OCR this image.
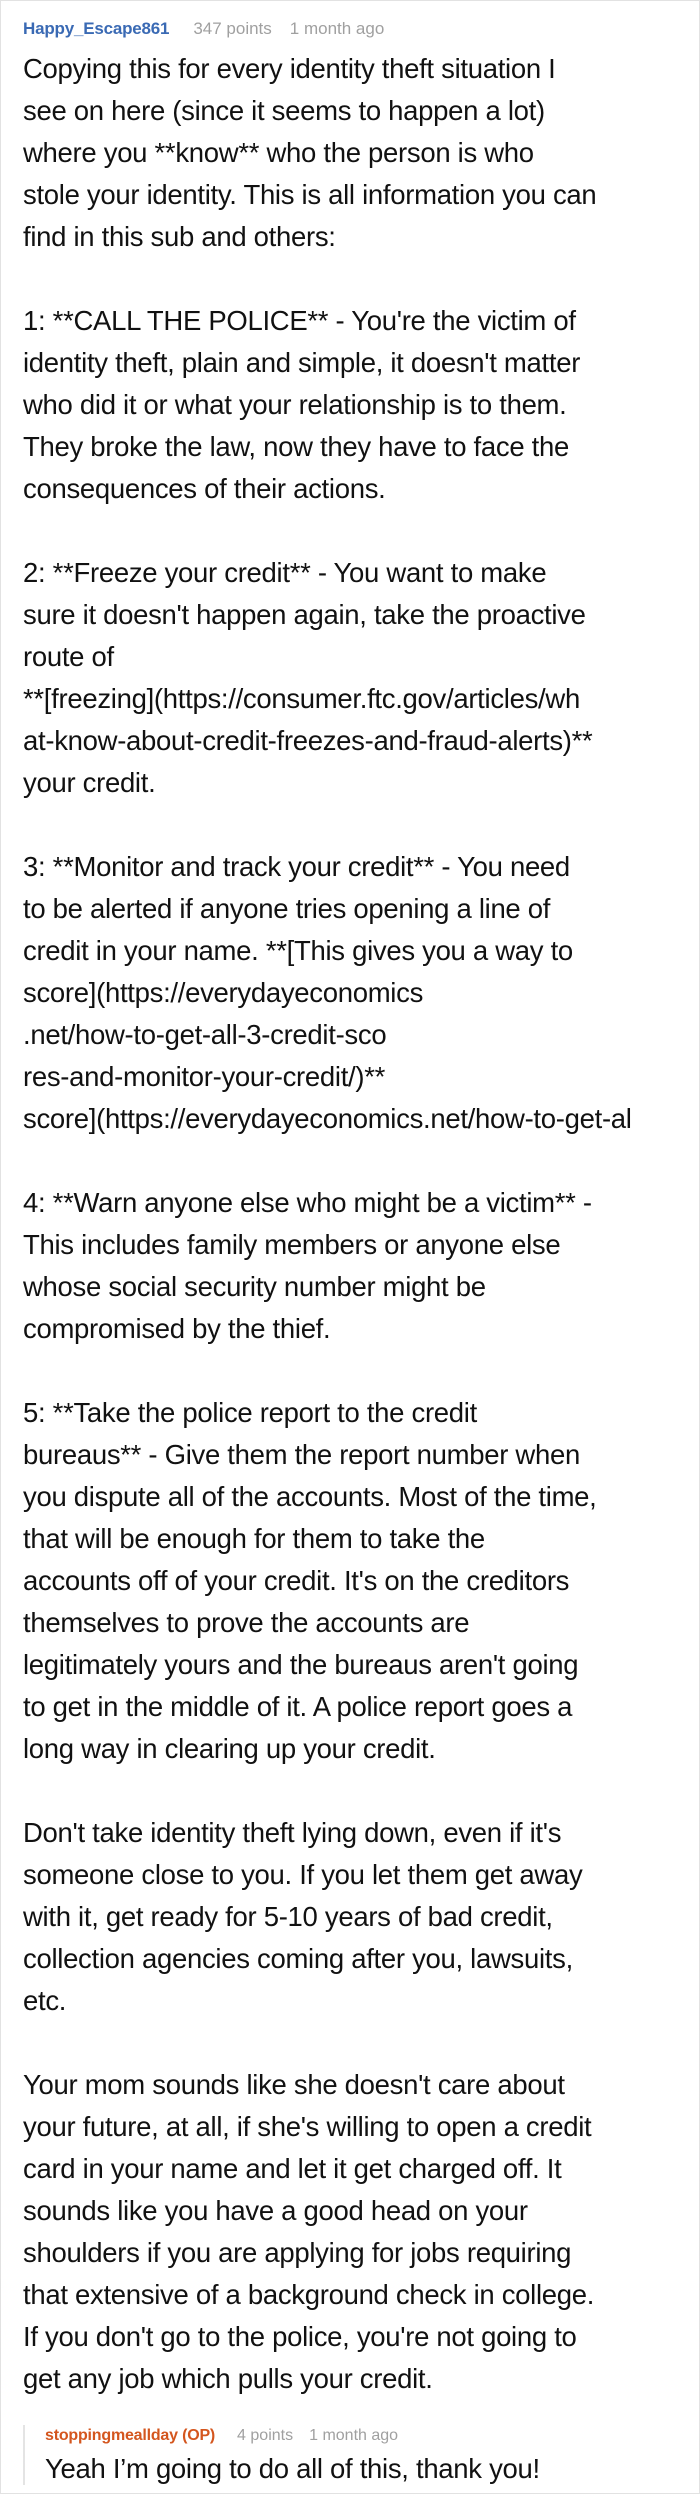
Happy_Escape861 347 points 1 month ago
Copying this for every identity theft situation I
see on here (since it seems to happen a lot)
where you **know** who the person is who
stole your identity. This is all information you can
find in this sub and others:
1: **CALL THE POLICE** - You're the victim of
identity theft, plain and simple, it doesn't matter
who did it or what your relationship is to them.
They broke the law, now they have to face the
consequences of their actions.
2: **Freeze your credit** - You want to make
sure it doesn't happen again, take the proactive
route of
**[freezing](https://consumer.ftc.gov/articles/wh
at-know-about-credit-freezes-and-fraud-alerts)**
your credit.
3: **Monitor and track your credit** - You need
to be alerted if anyone tries opening a line of
credit in your name. **[This gives you a way to
score](https://everydayeconomics
.net/how-to-get-all-3-credit-sco
res-and-monitor-your-credit/)**
score](https://everydayeconomics.net/how-to-get-al
4: **Warn anyone else who might be a victim** -
This includes family members or anyone else
whose social security number might be
compromised by the thief.
5: **Take the police report to the credit
bureaus** - Give them the report number when
you dispute all of the accounts. Most of the time,
that will be enough for them to take the
accounts off of your credit. It's on the creditors
themselves to prove the accounts are
legitimately yours and the bureaus aren't going
to get in the middle of it. A police report goes a
long way in clearing up your credit.
Don't take identity theft lying down, even if it's
someone close to you. If you let them get away
with it, get ready for 5-10 years of bad credit,
collection agencies coming after you, lawsuits,
etc.
Your mom sounds like she doesn't care about
your future, at all, if she's willing to open a credit
card in your name and let it get charged off. It
sounds like you have a good head on your
shoulders if you are applying for jobs requiring
that extensive of a background check in college.
If you don't go to the police, you're not going to
get any job which pulls your credit.
stoppingmeallday (OP) 4 points 1 month ago
Yeah I’m going to do all of this, thank you!
